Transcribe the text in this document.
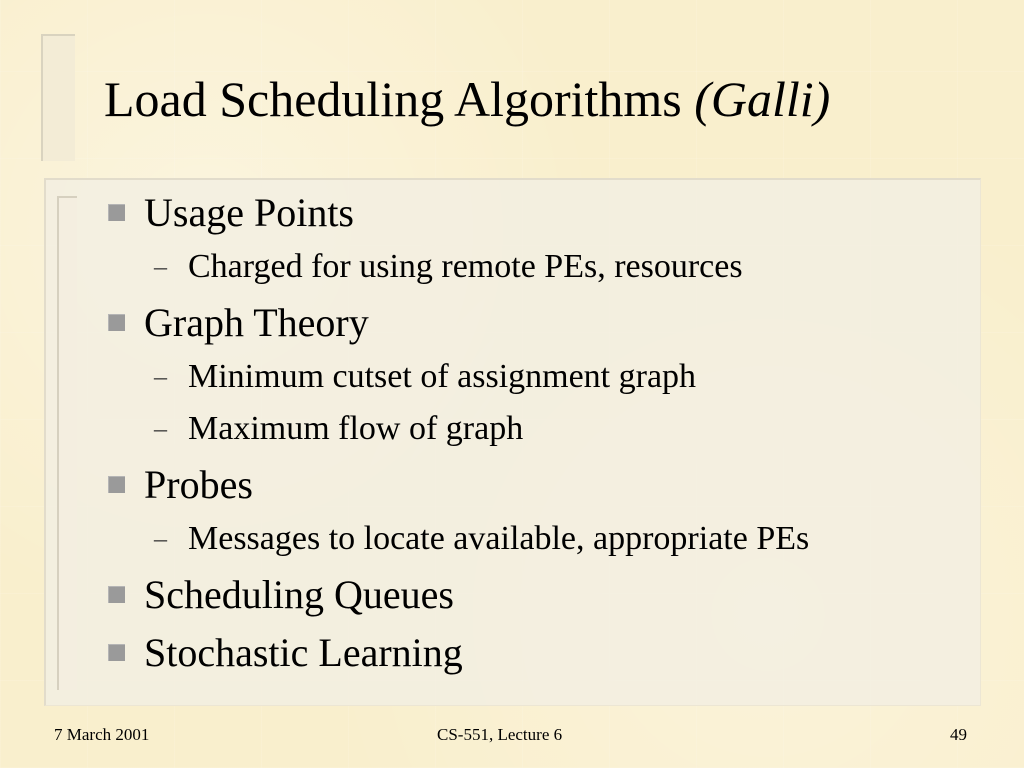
Load Scheduling Algorithms (Galli)
Usage Points
– Charged for using remote PEs, resources
Graph Theory
– Minimum cutset of assignment graph
– Maximum flow of graph
Probes
– Messages to locate available, appropriate PEs
Scheduling Queues
Stochastic Learning
7 March 2001	CS-551, Lecture 6	49
